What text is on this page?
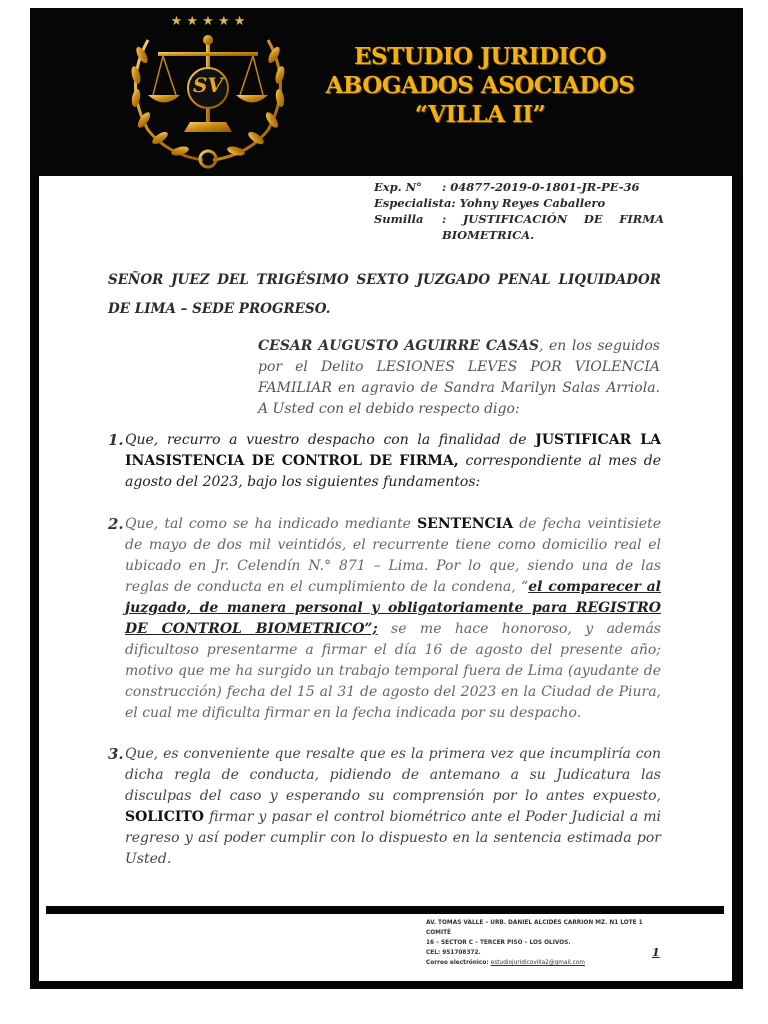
★ ★ ★ ★ ★
SV
ESTUDIO JURIDICO
ABOGADOS ASOCIADOS
“VILLA II”
Exp. N°	: 04877-2019-0-1801-JR-PE-36
Especialista: Yohny Reyes Caballero
Sumilla	: JUSTIFICACIÓN DE FIRMA BIOMETRICA.
SEÑOR JUEZ DEL TRIGÉSIMO SEXTO JUZGADO PENAL LIQUIDADOR DE LIMA – SEDE PROGRESO.
CESAR AUGUSTO AGUIRRE CASAS, en los seguidos por el Delito LESIONES LEVES POR VIOLENCIA FAMILIAR en agravio de Sandra Marilyn Salas Arriola. A Usted con el debido respecto digo:
1. Que, recurro a vuestro despacho con la finalidad de JUSTIFICAR LA INASISTENCIA DE CONTROL DE FIRMA, correspondiente al mes de agosto del 2023, bajo los siguientes fundamentos:
2. Que, tal como se ha indicado mediante SENTENCIA de fecha veintisiete de mayo de dos mil veintidós, el recurrente tiene como domicilio real el ubicado en Jr. Celendín N.° 871 – Lima. Por lo que, siendo una de las reglas de conducta en el cumplimiento de la condena, “el comparecer al juzgado, de manera personal y obligatoriamente para REGISTRO DE CONTROL BIOMETRICO”; se me hace honoroso, y además dificultoso presentarme a firmar el día 16 de agosto del presente año; motivo que me ha surgido un trabajo temporal fuera de Lima (ayudante de construcción) fecha del 15 al 31 de agosto del 2023 en la Ciudad de Piura, el cual me dificulta firmar en la fecha indicada por su despacho.
3. Que, es conveniente que resalte que es la primera vez que incumpliría con dicha regla de conducta, pidiendo de antemano a su Judicatura las disculpas del caso y esperando su comprensión por lo antes expuesto, SOLICITO firmar y pasar el control biométrico ante el Poder Judicial a mi regreso y así poder cumplir con lo dispuesto en la sentencia estimada por Usted.
AV. TOMAS VALLE – URB. DANIEL ALCIDES CARRION MZ. N1 LOTE 1 COMITÉ
16 – SECTOR C – TERCER PISO – LOS OLIVOS.
CEL: 951708372.
Correo electrónico: estudiojuridicovilla2@gmail.com
1
